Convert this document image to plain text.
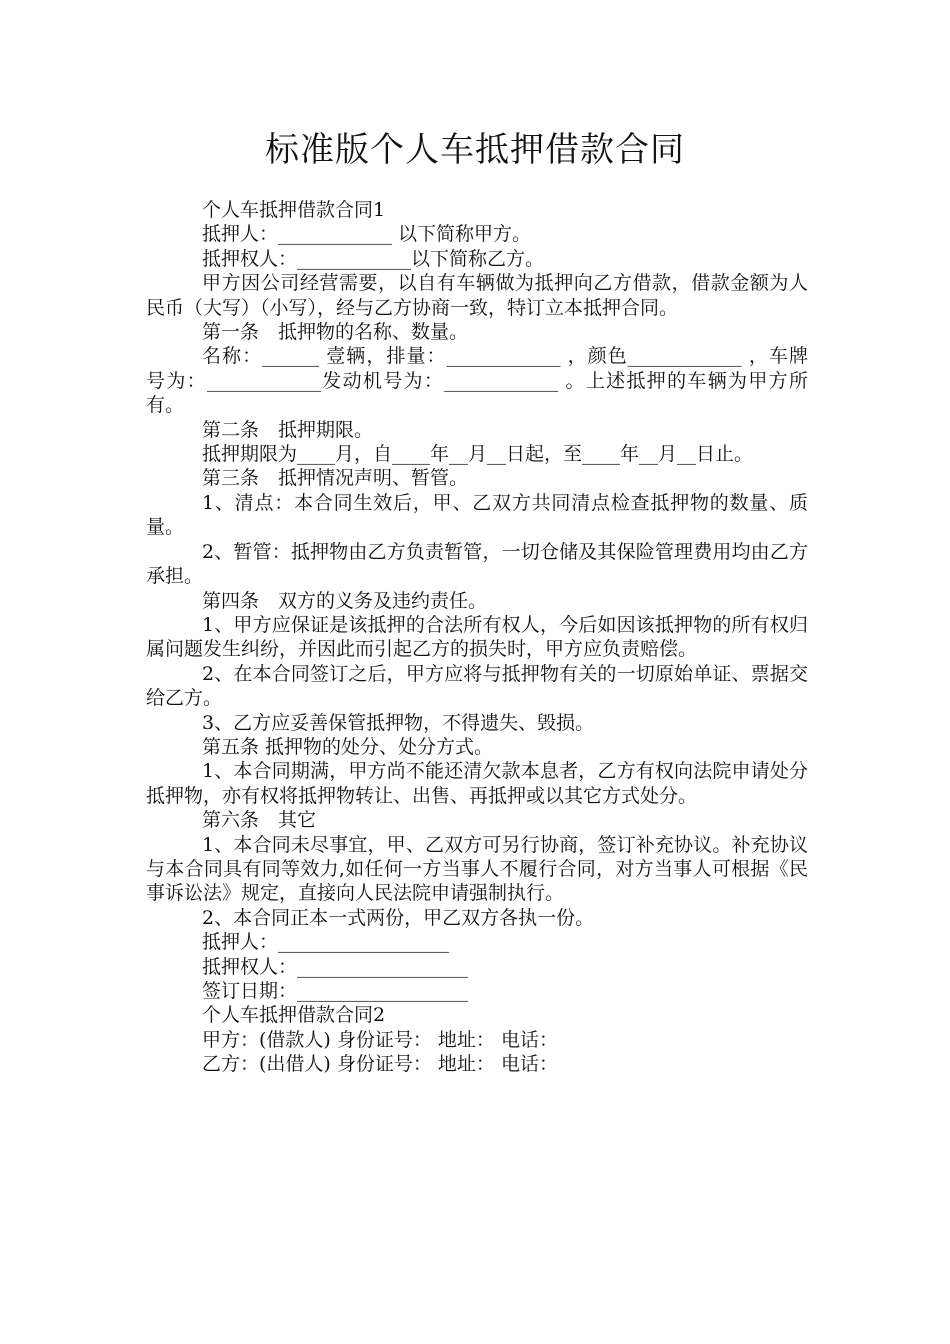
标准版个人车抵押借款合同

个人车抵押借款合同1

抵押人：____________ 以下简称甲方。

抵押权人：____________以下简称乙方。

甲方因公司经营需要，以自有车辆做为抵押向乙方借款，借款金额为人民币（大写）（小写），经与乙方协商一致，特订立本抵押合同。

第一条　抵押物的名称、数量。

名称：______ 壹辆，排量：____________ ，颜色____________ ，车牌号为：____________发动机号为：____________ 。上述抵押的车辆为甲方所有。

第二条　抵押期限。

抵押期限为____月，自____年__月__日起，至____年__月__日止。

第三条　抵押情况声明、暂管。

1、清点：本合同生效后，甲、乙双方共同清点检查抵押物的数量、质量。

2、暂管：抵押物由乙方负责暂管，一切仓储及其保险管理费用均由乙方承担。

第四条　双方的义务及违约责任。

1、甲方应保证是该抵押的合法所有权人，今后如因该抵押物的所有权归属问题发生纠纷，并因此而引起乙方的损失时，甲方应负责赔偿。

2、在本合同签订之后，甲方应将与抵押物有关的一切原始单证、票据交给乙方。

3、乙方应妥善保管抵押物，不得遗失、毁损。

第五条 抵押物的处分、处分方式。

1、本合同期满，甲方尚不能还清欠款本息者，乙方有权向法院申请处分抵押物，亦有权将抵押物转让、出售、再抵押或以其它方式处分。

第六条　其它

1、本合同未尽事宜，甲、乙双方可另行协商，签订补充协议。补充协议与本合同具有同等效力,如任何一方当事人不履行合同，对方当事人可根据《民事诉讼法》规定，直接向人民法院申请强制执行。

2、本合同正本一式两份，甲乙双方各执一份。

抵押人：__________________

抵押权人：__________________

签订日期：__________________

个人车抵押借款合同2

甲方：(借款人) 身份证号： 地址： 电话：

乙方：(出借人) 身份证号： 地址： 电话：
